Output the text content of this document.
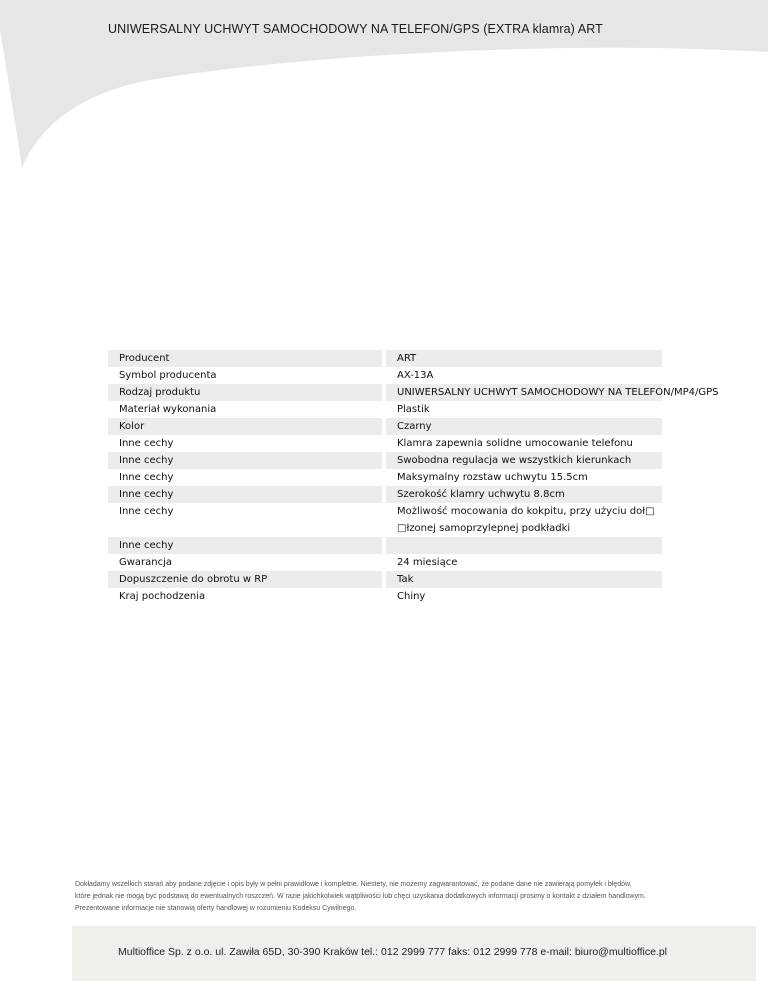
UNIWERSALNY UCHWYT SAMOCHODOWY NA TELEFON/GPS (EXTRA klamra) ART
Producent	ART
Symbol producenta	AX-13A
Rodzaj produktu	UNIWERSALNY UCHWYT SAMOCHODOWY NA TELEFON/MP4/GPS
Materiał wykonania	Plastik
Kolor	Czarny
Inne cechy	Klamra zapewnia solidne umocowanie telefonu
Inne cechy	Swobodna regulacja we wszystkich kierunkach
Inne cechy	Maksymalny rozstaw uchwytu 15.5cm
Inne cechy	Szerokość klamry uchwytu 8.8cm
Inne cechy	Możliwość mocowania do kokpitu, przy użyciu doł□ □łzonej samoprzylepnej podkładki
Inne cechy
Gwarancja	24 miesiące
Dopuszczenie do obrotu w RP	Tak
Kraj pochodzenia	Chiny
Dokładamy wszelkich starań aby podane zdjęcie i opis były w pełni prawidłowe i kompletne. Niestety, nie możemy zagwarantować, że podane dane nie zawierają pomyłek i błędów,
które jednak nie mogą być podstawą do ewentualnych roszczeń. W razie jakichkolwiek wątpliwości lub chęci uzyskania dodatkowych informacji prosimy o kontakt z działem handlowym.
Prezentowane informacje nie stanowią oferty handlowej w rozumieniu Kodeksu Cywilnego.
Multioffice Sp. z o.o. ul. Zawiła 65D, 30-390 Kraków tel.: 012 2999 777 faks: 012 2999 778 e-mail: biuro@multioffice.pl
